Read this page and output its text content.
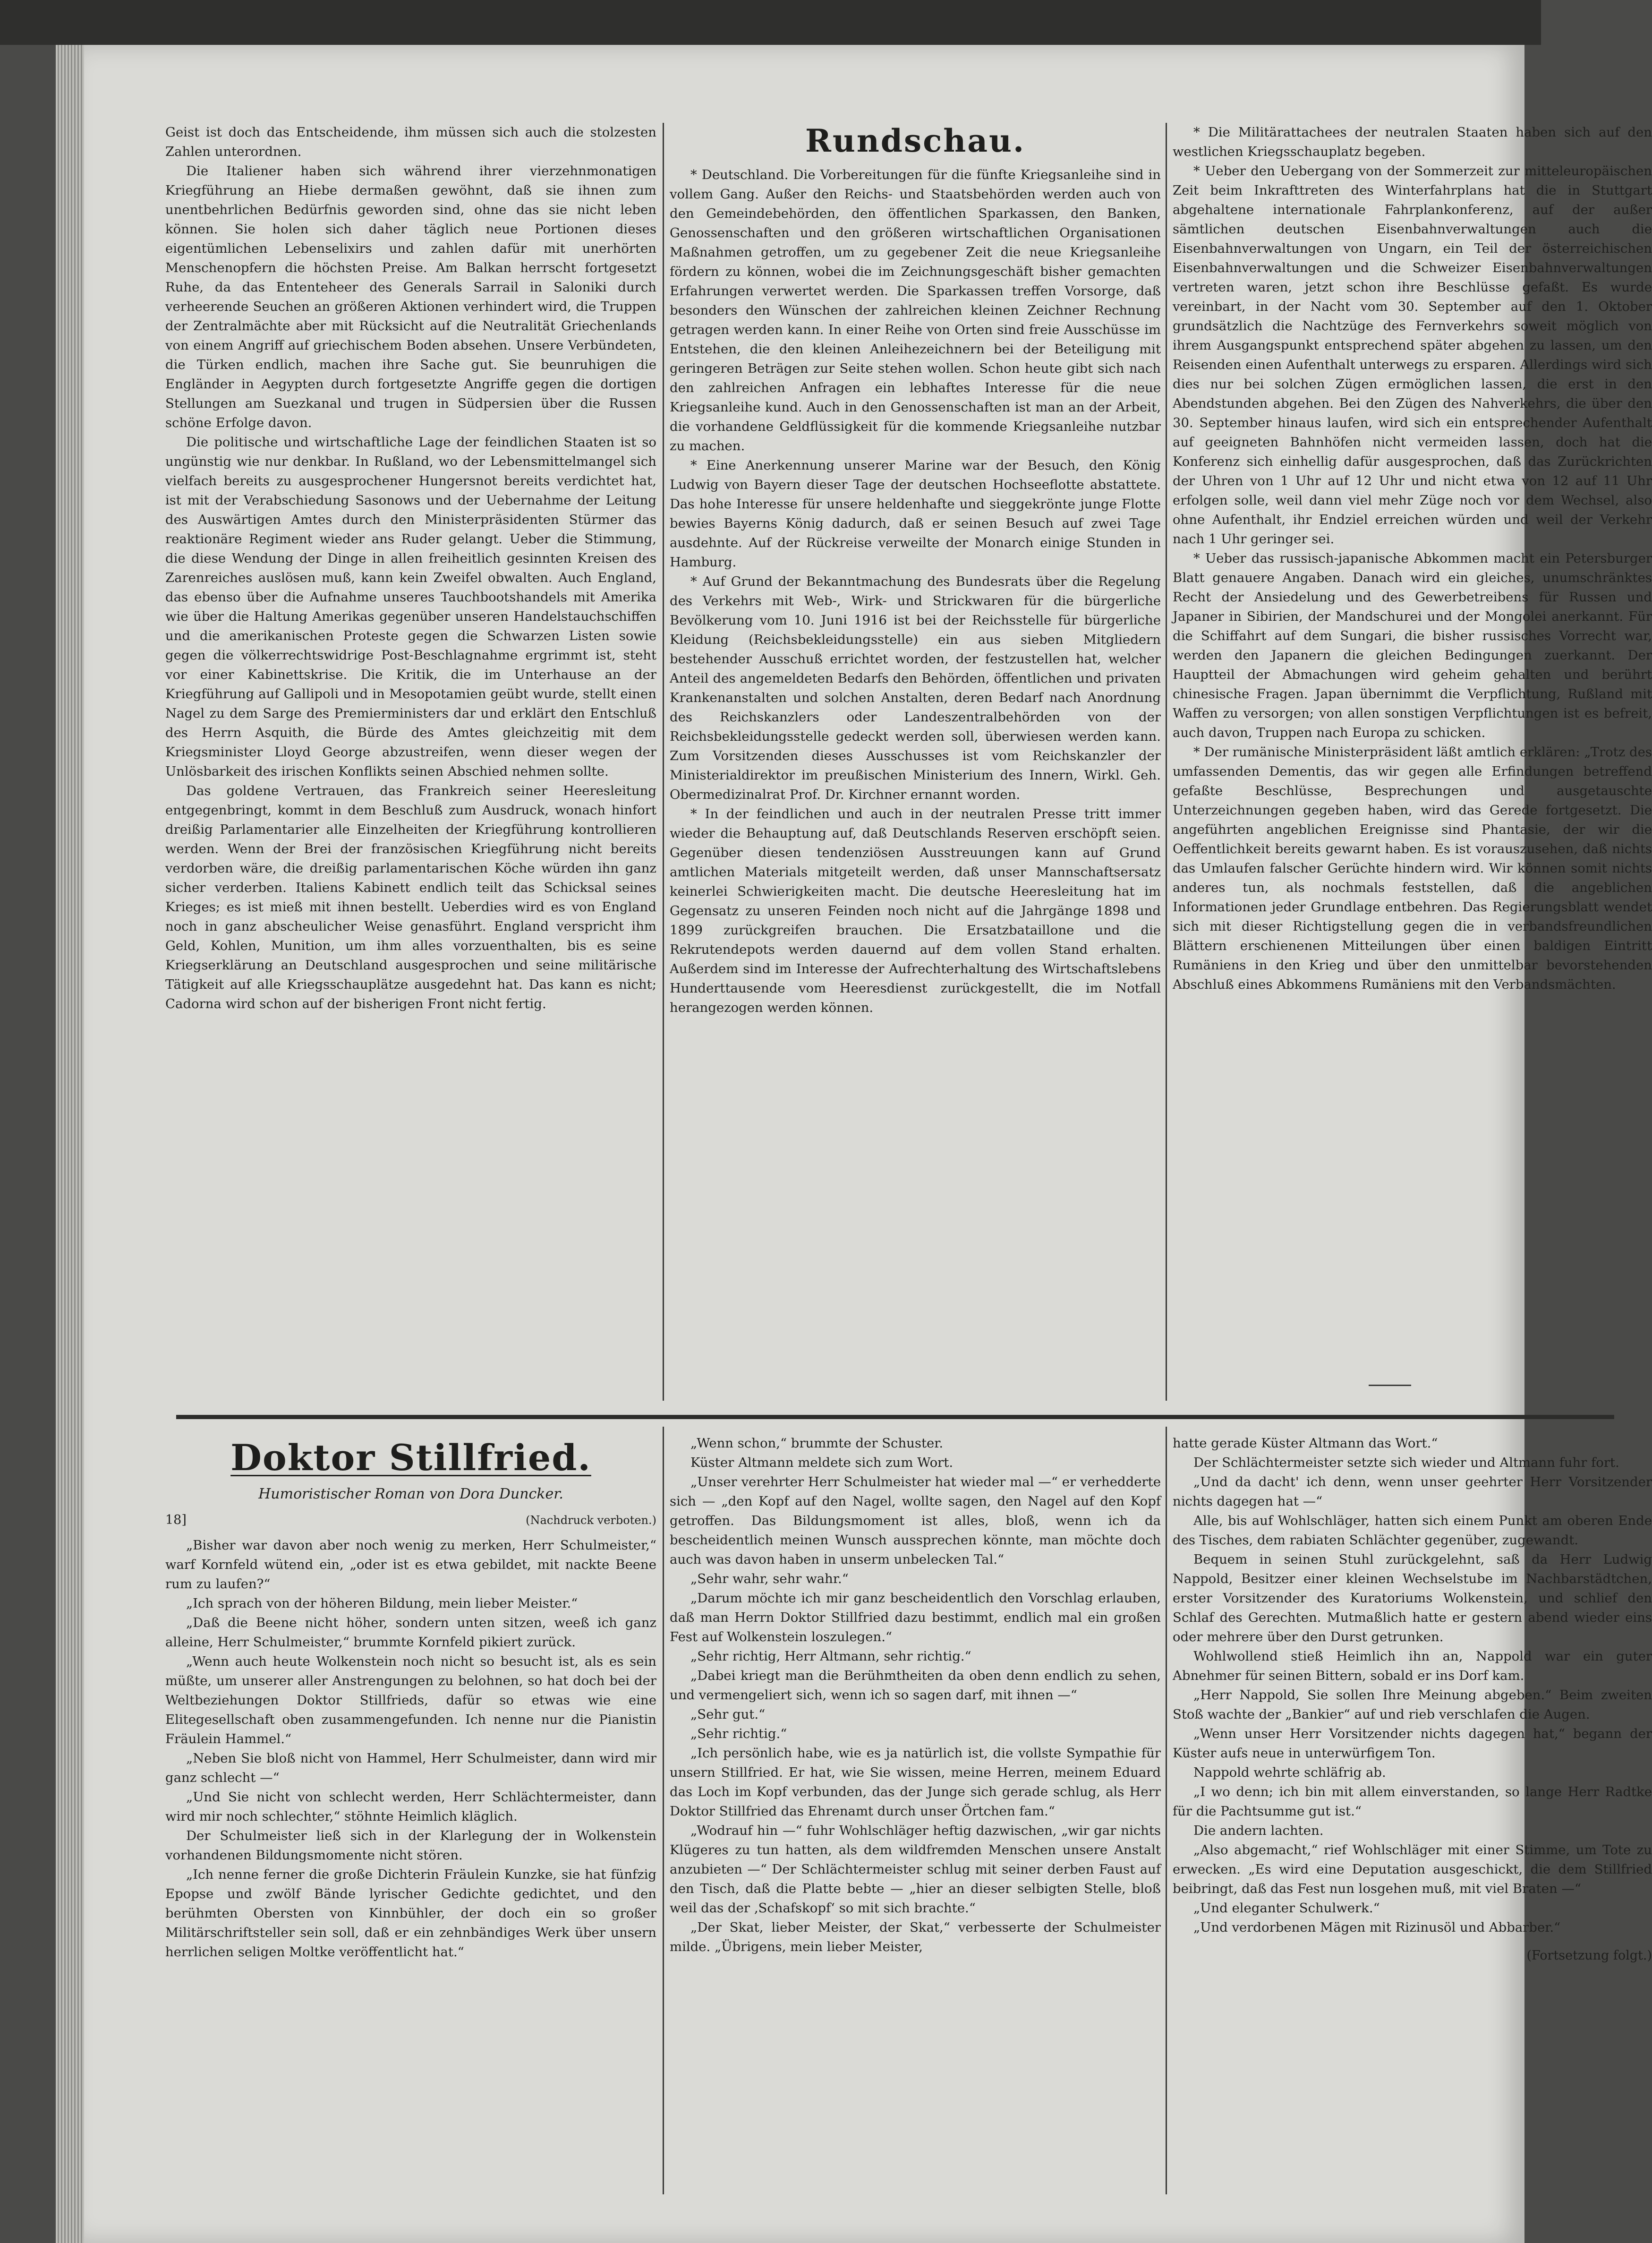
Geist ist doch das Entscheidende, ihm müssen sich auch die stolzesten Zahlen unterordnen.

Die Italiener haben sich während ihrer vierzehnmonatigen Kriegführung an Hiebe dermaßen gewöhnt, daß sie ihnen zum unentbehrlichen Bedürfnis geworden sind, ohne das sie nicht leben können. Sie holen sich daher täglich neue Portionen dieses eigentümlichen Lebenselixirs und zahlen dafür mit unerhörten Menschenopfern die höchsten Preise. Am Balkan herrscht fortgesetzt Ruhe, da das Ententeheer des Generals Sarrail in Saloniki durch verheerende Seuchen an größeren Aktionen verhindert wird, die Truppen der Zentralmächte aber mit Rücksicht auf die Neutralität Griechenlands von einem Angriff auf griechischem Boden absehen. Unsere Verbündeten, die Türken endlich, machen ihre Sache gut. Sie beunruhigen die Engländer in Aegypten durch fortgesetzte Angriffe gegen die dortigen Stellungen am Suezkanal und trugen in Südpersien über die Russen schöne Erfolge davon.

Die politische und wirtschaftliche Lage der feindlichen Staaten ist so ungünstig wie nur denkbar. In Rußland, wo der Lebensmittelmangel sich vielfach bereits zu ausgesprochener Hungersnot bereits verdichtet hat, ist mit der Verabschiedung Sasonows und der Uebernahme der Leitung des Auswärtigen Amtes durch den Ministerpräsidenten Stürmer das reaktionäre Regiment wieder ans Ruder gelangt. Ueber die Stimmung, die diese Wendung der Dinge in allen freiheitlich gesinnten Kreisen des Zarenreiches auslösen muß, kann kein Zweifel obwalten. Auch England, das ebenso über die Aufnahme unseres Tauchbootshandels mit Amerika wie über die Haltung Amerikas gegenüber unseren Handelstauchschiffen und die amerikanischen Proteste gegen die Schwarzen Listen sowie gegen die völkerrechtswidrige Post-Beschlagnahme ergrimmt ist, steht vor einer Kabinettskrise. Die Kritik, die im Unterhause an der Kriegführung auf Gallipoli und in Mesopotamien geübt wurde, stellt einen Nagel zu dem Sarge des Premierministers dar und erklärt den Entschluß des Herrn Asquith, die Bürde des Amtes gleichzeitig mit dem Kriegsminister Lloyd George abzustreifen, wenn dieser wegen der Unlösbarkeit des irischen Konflikts seinen Abschied nehmen sollte.

Das goldene Vertrauen, das Frankreich seiner Heeresleitung entgegenbringt, kommt in dem Beschluß zum Ausdruck, wonach hinfort dreißig Parlamentarier alle Einzelheiten der Kriegführung kontrollieren werden. Wenn der Brei der französischen Kriegführung nicht bereits verdorben wäre, die dreißig parlamentarischen Köche würden ihn ganz sicher verderben. Italiens Kabinett endlich teilt das Schicksal seines Krieges; es ist mieß mit ihnen bestellt. Ueberdies wird es von England noch in ganz abscheulicher Weise genasführt. England verspricht ihm Geld, Kohlen, Munition, um ihm alles vorzuenthalten, bis es seine Kriegserklärung an Deutschland ausgesprochen und seine militärische Tätigkeit auf alle Kriegsschauplätze ausgedehnt hat. Das kann es nicht; Cadorna wird schon auf der bisherigen Front nicht fertig.

Rundschau.

* Deutschland. Die Vorbereitungen für die fünfte Kriegsanleihe sind in vollem Gang. Außer den Reichs- und Staatsbehörden werden auch von den Gemeindebehörden, den öffentlichen Sparkassen, den Banken, Genossenschaften und den größeren wirtschaftlichen Organisationen Maßnahmen getroffen, um zu gegebener Zeit die neue Kriegsanleihe fördern zu können, wobei die im Zeichnungsgeschäft bisher gemachten Erfahrungen verwertet werden. Die Sparkassen treffen Vorsorge, daß besonders den Wünschen der zahlreichen kleinen Zeichner Rechnung getragen werden kann. In einer Reihe von Orten sind freie Ausschüsse im Entstehen, die den kleinen Anleihezeichnern bei der Beteiligung mit geringeren Beträgen zur Seite stehen wollen. Schon heute gibt sich nach den zahlreichen Anfragen ein lebhaftes Interesse für die neue Kriegsanleihe kund. Auch in den Genossenschaften ist man an der Arbeit, die vorhandene Geldflüssigkeit für die kommende Kriegsanleihe nutzbar zu machen.

* Eine Anerkennung unserer Marine war der Besuch, den König Ludwig von Bayern dieser Tage der deutschen Hochseeflotte abstattete. Das hohe Interesse für unsere heldenhafte und sieggekrönte junge Flotte bewies Bayerns König dadurch, daß er seinen Besuch auf zwei Tage ausdehnte. Auf der Rückreise verweilte der Monarch einige Stunden in Hamburg.

* Auf Grund der Bekanntmachung des Bundesrats über die Regelung des Verkehrs mit Web-, Wirk- und Strickwaren für die bürgerliche Bevölkerung vom 10. Juni 1916 ist bei der Reichsstelle für bürgerliche Kleidung (Reichsbekleidungsstelle) ein aus sieben Mitgliedern bestehender Ausschuß errichtet worden, der festzustellen hat, welcher Anteil des angemeldeten Bedarfs den Behörden, öffentlichen und privaten Krankenanstalten und solchen Anstalten, deren Bedarf nach Anordnung des Reichskanzlers oder Landeszentralbehörden von der Reichsbekleidungsstelle gedeckt werden soll, überwiesen werden kann. Zum Vorsitzenden dieses Ausschusses ist vom Reichskanzler der Ministerialdirektor im preußischen Ministerium des Innern, Wirkl. Geh. Obermedizinalrat Prof. Dr. Kirchner ernannt worden.

* In der feindlichen und auch in der neutralen Presse tritt immer wieder die Behauptung auf, daß Deutschlands Reserven erschöpft seien. Gegenüber diesen tendenziösen Ausstreuungen kann auf Grund amtlichen Materials mitgeteilt werden, daß unser Mannschaftsersatz keinerlei Schwierigkeiten macht. Die deutsche Heeresleitung hat im Gegensatz zu unseren Feinden noch nicht auf die Jahrgänge 1898 und 1899 zurückgreifen brauchen. Die Ersatzbataillone und die Rekrutendepots werden dauernd auf dem vollen Stand erhalten. Außerdem sind im Interesse der Aufrechterhaltung des Wirtschaftslebens Hunderttausende vom Heeresdienst zurückgestellt, die im Notfall herangezogen werden können.

* Die Militärattachees der neutralen Staaten haben sich auf den westlichen Kriegsschauplatz begeben.

* Ueber den Uebergang von der Sommerzeit zur mitteleuropäischen Zeit beim Inkrafttreten des Winterfahrplans hat die in Stuttgart abgehaltene internationale Fahrplankonferenz, auf der außer sämtlichen deutschen Eisenbahnverwaltungen auch die Eisenbahnverwaltungen von Ungarn, ein Teil der österreichischen Eisenbahnverwaltungen und die Schweizer Eisenbahnverwaltungen vertreten waren, jetzt schon ihre Beschlüsse gefaßt. Es wurde vereinbart, in der Nacht vom 30. September auf den 1. Oktober grundsätzlich die Nachtzüge des Fernverkehrs soweit möglich von ihrem Ausgangspunkt entsprechend später abgehen zu lassen, um den Reisenden einen Aufenthalt unterwegs zu ersparen. Allerdings wird sich dies nur bei solchen Zügen ermöglichen lassen, die erst in den Abendstunden abgehen. Bei den Zügen des Nahverkehrs, die über den 30. September hinaus laufen, wird sich ein entsprechender Aufenthalt auf geeigneten Bahnhöfen nicht vermeiden lassen, doch hat die Konferenz sich einhellig dafür ausgesprochen, daß das Zurückrichten der Uhren von 1 Uhr auf 12 Uhr und nicht etwa von 12 auf 11 Uhr erfolgen solle, weil dann viel mehr Züge noch vor dem Wechsel, also ohne Aufenthalt, ihr Endziel erreichen würden und weil der Verkehr nach 1 Uhr geringer sei.

* Ueber das russisch-japanische Abkommen macht ein Petersburger Blatt genauere Angaben. Danach wird ein gleiches, unumschränktes Recht der Ansiedelung und des Gewerbetreibens für Russen und Japaner in Sibirien, der Mandschurei und der Mongolei anerkannt. Für die Schiffahrt auf dem Sungari, die bisher russisches Vorrecht war, werden den Japanern die gleichen Bedingungen zuerkannt. Der Hauptteil der Abmachungen wird geheim gehalten und berührt chinesische Fragen. Japan übernimmt die Verpflichtung, Rußland mit Waffen zu versorgen; von allen sonstigen Verpflichtungen ist es befreit, auch davon, Truppen nach Europa zu schicken.

* Der rumänische Ministerpräsident läßt amtlich erklären: „Trotz des umfassenden Dementis, das wir gegen alle Erfindungen betreffend gefaßte Beschlüsse, Besprechungen und ausgetauschte Unterzeichnungen gegeben haben, wird das Gerede fortgesetzt. Die angeführten angeblichen Ereignisse sind Phantasie, der wir die Oeffentlichkeit bereits gewarnt haben. Es ist vorauszusehen, daß nichts das Umlaufen falscher Gerüchte hindern wird. Wir können somit nichts anderes tun, als nochmals feststellen, daß die angeblichen Informationen jeder Grundlage entbehren. Das Regierungsblatt wendet sich mit dieser Richtigstellung gegen die in verbandsfreundlichen Blättern erschienenen Mitteilungen über einen baldigen Eintritt Rumäniens in den Krieg und über den unmittelbar bevorstehenden Abschluß eines Abkommens Rumäniens mit den Verbandsmächten.

Doktor Stillfried.
Humoristischer Roman von Dora Duncker.
18]	(Nachdruck verboten.)

„Bisher war davon aber noch wenig zu merken, Herr Schulmeister,“ warf Kornfeld wütend ein, „oder ist es etwa gebildet, mit nackte Beene rum zu laufen?“

„Ich sprach von der höheren Bildung, mein lieber Meister.“

„Daß die Beene nicht höher, sondern unten sitzen, weeß ich ganz alleine, Herr Schulmeister,“ brummte Kornfeld pikiert zurück.

„Wenn auch heute Wolkenstein noch nicht so besucht ist, als es sein müßte, um unserer aller Anstrengungen zu belohnen, so hat doch bei der Weltbeziehungen Doktor Stillfrieds, dafür so etwas wie eine Elitegesellschaft oben zusammengefunden. Ich nenne nur die Pianistin Fräulein Hammel.“

„Neben Sie bloß nicht von Hammel, Herr Schulmeister, dann wird mir ganz schlecht —“

„Und Sie nicht von schlecht werden, Herr Schlächtermeister, dann wird mir noch schlechter,“ stöhnte Heimlich kläglich.

Der Schulmeister ließ sich in der Klarlegung der in Wolkenstein vorhandenen Bildungsmomente nicht stören.

„Ich nenne ferner die große Dichterin Fräulein Kunzke, sie hat fünfzig Epopse und zwölf Bände lyrischer Gedichte gedichtet, und den berühmten Obersten von Kinnbühler, der doch ein so großer Militärschriftsteller sein soll, daß er ein zehnbändiges Werk über unsern herrlichen seligen Moltke veröffentlicht hat.“

„Wenn schon,“ brummte der Schuster.

Küster Altmann meldete sich zum Wort.

„Unser verehrter Herr Schulmeister hat wieder mal —“ er verhedderte sich — „den Kopf auf den Nagel, wollte sagen, den Nagel auf den Kopf getroffen. Das Bildungsmoment ist alles, bloß, wenn ich da bescheidentlich meinen Wunsch aussprechen könnte, man möchte doch auch was davon haben in unserm unbelecken Tal.“

„Sehr wahr, sehr wahr.“

„Darum möchte ich mir ganz bescheidentlich den Vorschlag erlauben, daß man Herrn Doktor Stillfried dazu bestimmt, endlich mal ein großen Fest auf Wolkenstein loszulegen.“

„Sehr richtig, Herr Altmann, sehr richtig.“

„Dabei kriegt man die Berühmtheiten da oben denn endlich zu sehen, und vermengeliert sich, wenn ich so sagen darf, mit ihnen —“

„Sehr gut.“

„Sehr richtig.“

„Ich persönlich habe, wie es ja natürlich ist, die vollste Sympathie für unsern Stillfried. Er hat, wie Sie wissen, meine Herren, meinem Eduard das Loch im Kopf verbunden, das der Junge sich gerade schlug, als Herr Doktor Stillfried das Ehrenamt durch unser Örtchen fam.“

„Wodrauf hin —“ fuhr Wohlschläger heftig dazwischen, „wir gar nichts Klügeres zu tun hatten, als dem wildfremden Menschen unsere Anstalt anzubieten —“ Der Schlächtermeister schlug mit seiner derben Faust auf den Tisch, daß die Platte bebte — „hier an dieser selbigten Stelle, bloß weil das der ‚Schafskopf‘ so mit sich brachte.“

„Der Skat, lieber Meister, der Skat,“ verbesserte der Schulmeister milde. „Übrigens, mein lieber Meister,

hatte gerade Küster Altmann das Wort.“

Der Schlächtermeister setzte sich wieder und Altmann fuhr fort.

„Und da dacht' ich denn, wenn unser geehrter Herr Vorsitzender nichts dagegen hat —“

Alle, bis auf Wohlschläger, hatten sich einem Punkt am oberen Ende des Tisches, dem rabiaten Schlächter gegenüber, zugewandt.

Bequem in seinen Stuhl zurückgelehnt, saß da Herr Ludwig Nappold, Besitzer einer kleinen Wechselstube im Nachbarstädtchen, erster Vorsitzender des Kuratoriums Wolkenstein, und schlief den Schlaf des Gerechten. Mutmaßlich hatte er gestern abend wieder eins oder mehrere über den Durst getrunken.

Wohlwollend stieß Heimlich ihn an, Nappold war ein guter Abnehmer für seinen Bittern, sobald er ins Dorf kam.

„Herr Nappold, Sie sollen Ihre Meinung abgeben.“ Beim zweiten Stoß wachte der „Bankier“ auf und rieb verschlafen die Augen.

„Wenn unser Herr Vorsitzender nichts dagegen hat,“ begann der Küster aufs neue in unterwürfigem Ton.

Nappold wehrte schläfrig ab.

„I wo denn; ich bin mit allem einverstanden, so lange Herr Radtke für die Pachtsumme gut ist.“

Die andern lachten.

„Also abgemacht,“ rief Wohlschläger mit einer Stimme, um Tote zu erwecken. „Es wird eine Deputation ausgeschickt, die dem Stillfried beibringt, daß das Fest nun losgehen muß, mit viel Braten —“

„Und eleganter Schulwerk.“

„Und verdorbenen Mägen mit Rizinusöl und Abbarber.“

(Fortsetzung folgt.)
